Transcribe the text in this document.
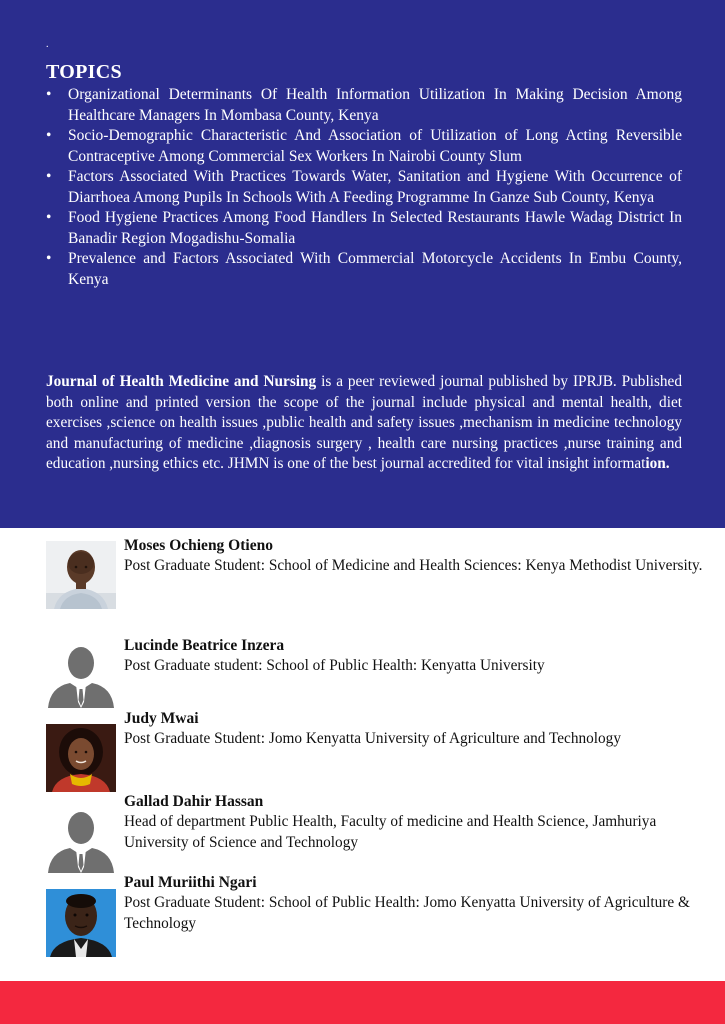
.
TOPICS
• Organizational Determinants Of Health Information Utilization In Making Decision Among Healthcare Managers In Mombasa County, Kenya
• Socio-Demographic Characteristic And Association of Utilization of Long Acting Reversible Contraceptive Among Commercial Sex Workers In Nairobi County Slum
• Factors Associated With Practices Towards Water, Sanitation and Hygiene With Occurrence of Diarrhoea Among Pupils In Schools With A Feeding Programme In Ganze Sub County, Kenya
• Food Hygiene Practices Among Food Handlers In Selected Restaurants Hawle Wadag District In Banadir Region Mogadishu-Somalia
• Prevalence and Factors Associated With Commercial Motorcycle Accidents In Embu County, Kenya

Journal of Health Medicine and Nursing is a peer reviewed journal published by IPRJB. Published both online and printed version the scope of the journal include physical and mental health, diet exercises ,science on health issues ,public health and safety issues ,mechanism in medicine technology and manufacturing of medicine ,diagnosis surgery , health care nursing practices ,nurse training and education ,nursing ethics etc. JHMN is one of the best journal accredited for vital insight information.

Moses Ochieng Otieno
Post Graduate Student: School of Medicine and Health Sciences: Kenya Methodist University.
Lucinde Beatrice Inzera
Post Graduate student: School of Public Health: Kenyatta University
Judy Mwai
Post Graduate Student: Jomo Kenyatta University of Agriculture and Technology
Gallad Dahir Hassan
Head of department Public Health, Faculty of medicine and Health Science, Jamhuriya University of Science and Technology
Paul Muriithi Ngari
Post Graduate Student: School of Public Health: Jomo Kenyatta University of Agriculture & Technology
